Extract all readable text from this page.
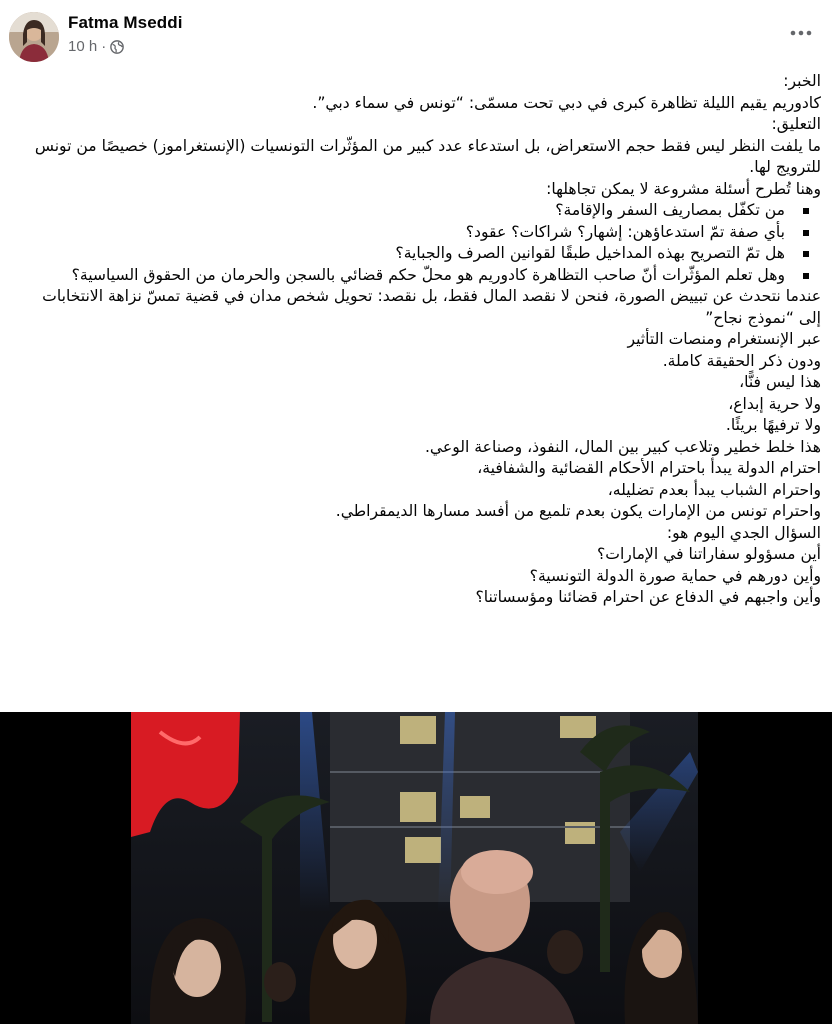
Fatma Mseddi
10 h ·
الخبر:
كادوريم يقيم الليلة تظاهرة كبرى في دبي تحت مسمّى: “تونس في سماء دبي”.
التعليق:
ما يلفت النظر ليس فقط حجم الاستعراض، بل استدعاء عدد كبير من المؤثّرات التونسيات (الإنستغراموز) خصيصًا من تونس للترويج لها.
وهنا تُطرح أسئلة مشروعة لا يمكن تجاهلها:
من تكفّل بمصاريف السفر والإقامة؟
بأي صفة تمّ استدعاؤهن: إشهار؟ شراكات؟ عقود؟
هل تمّ التصريح بهذه المداخيل طبقًا لقوانين الصرف والجباية؟
وهل تعلم المؤثّرات أنّ صاحب التظاهرة كادوريم هو محلّ حكم قضائي بالسجن والحرمان من الحقوق السياسية؟
عندما نتحدث عن تبييض الصورة، فنحن لا نقصد المال فقط، بل نقصد: تحويل شخص مدان في قضية تمسّ نزاهة الانتخابات
إلى “نموذج نجاح”
عبر الإنستغرام ومنصات التأثير
ودون ذكر الحقيقة كاملة.
هذا ليس فنًّا،
ولا حرية إبداع،
ولا ترفيهًا بريئًا.
هذا خلط خطير وتلاعب كبير بين المال، النفوذ، وصناعة الوعي.
احترام الدولة يبدأ باحترام الأحكام القضائية والشفافية،
واحترام الشباب يبدأ بعدم تضليله،
واحترام تونس من الإمارات يكون بعدم تلميع من أفسد مسارها الديمقراطي.
السؤال الجدي اليوم هو:
أين مسؤولو سفاراتنا في الإمارات؟
وأين دورهم في حماية صورة الدولة التونسية؟
وأين واجبهم في الدفاع عن احترام قضائنا ومؤسساتنا؟
